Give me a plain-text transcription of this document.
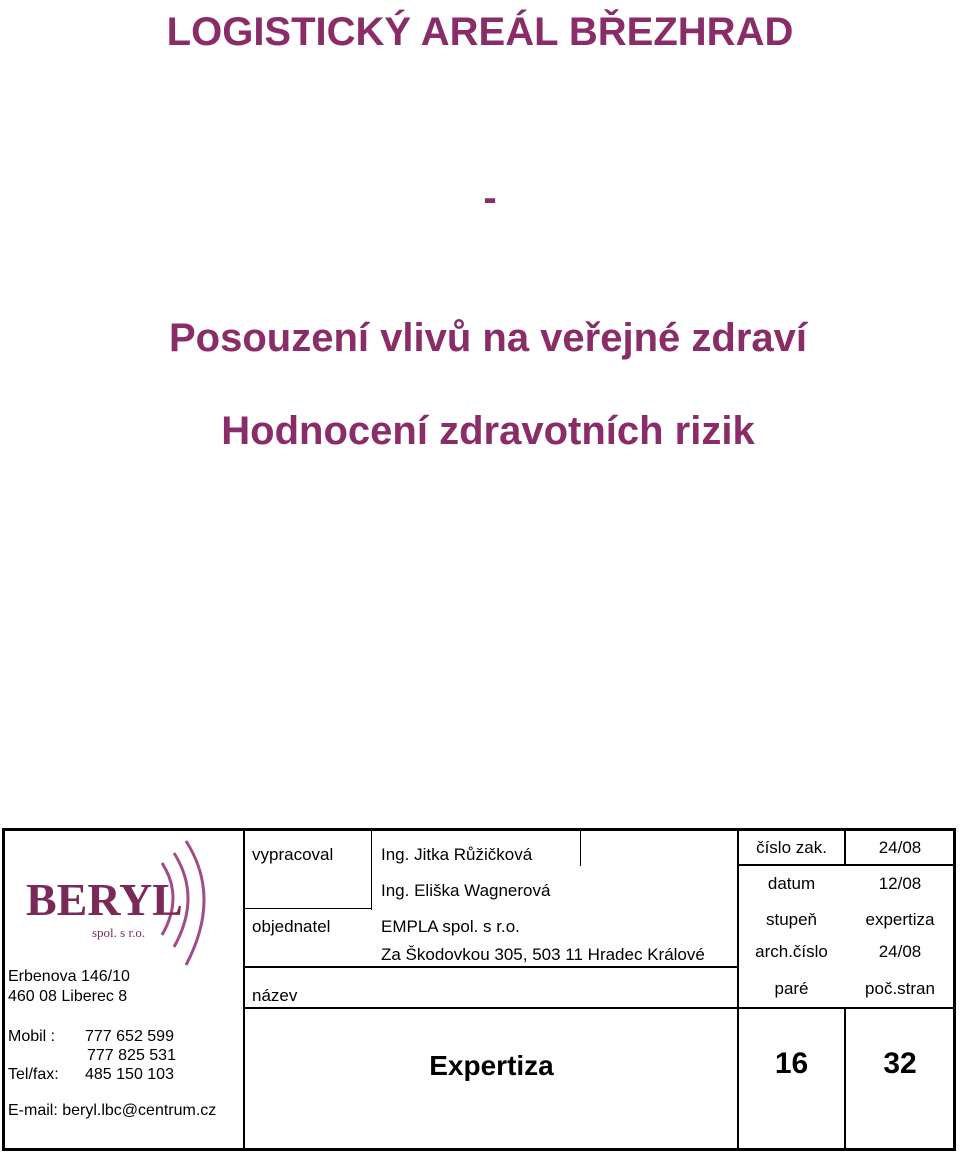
LOGISTICKÝ AREÁL BŘEZHRAD
-
Posouzení vlivů na veřejné zdraví
Hodnocení zdravotních rizik
BERYL
spol. s r.o.
Erbenova 146/10
460 08 Liberec 8
Mobil : 777 652 599
777 825 531
Tel/fax: 485 150 103
E-mail: beryl.lbc@centrum.cz
vypracoval	Ing. Jitka Růžičková
Ing. Eliška Wagnerová
objednatel	EMPLA spol. s r.o.
Za Škodovkou 305, 503 11 Hradec Králové
název
Expertiza
číslo zak.	24/08
datum	12/08
stupeň	expertiza
arch.číslo	24/08
paré	poč.stran
16	32
